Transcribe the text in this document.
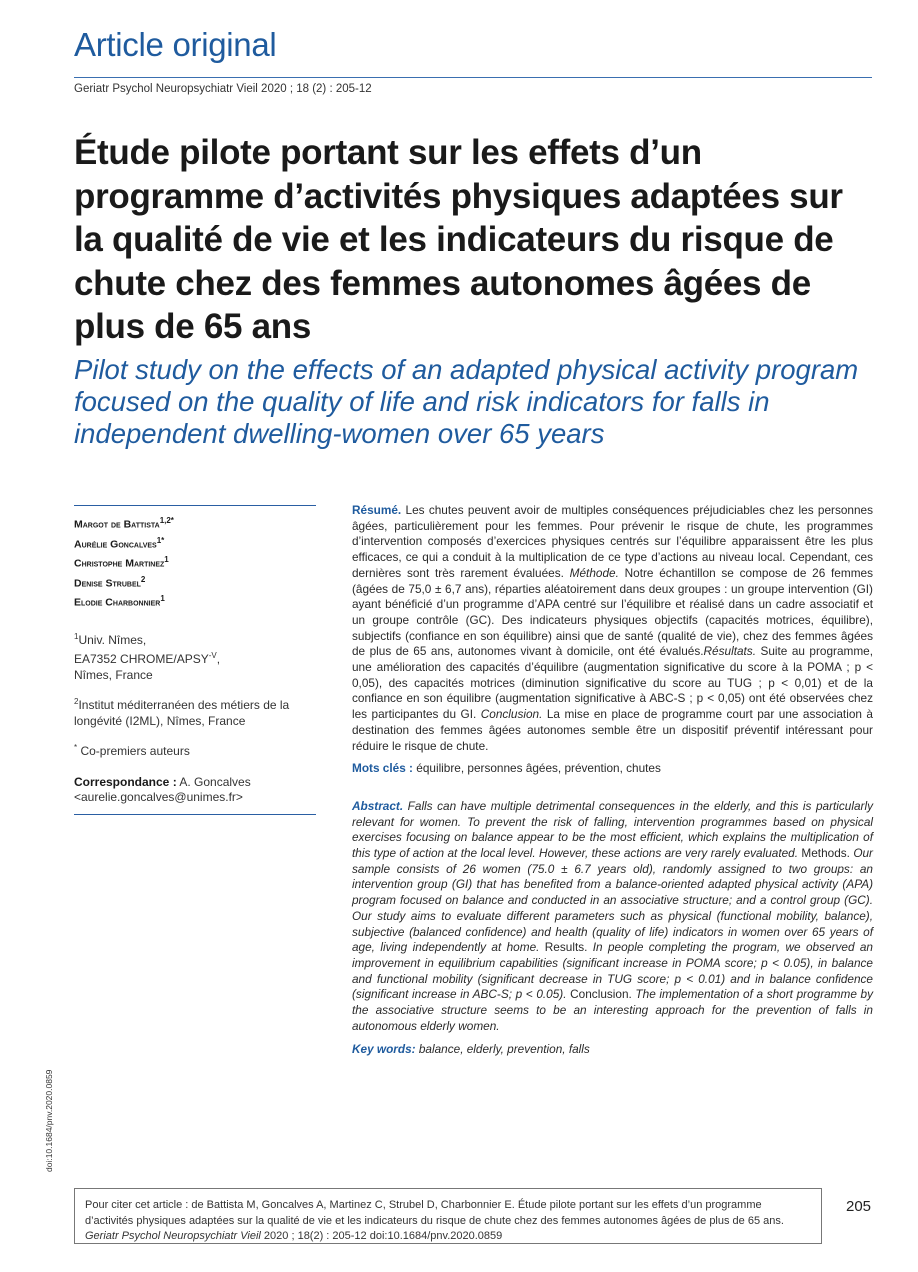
Article original
Geriatr Psychol Neuropsychiatr Vieil 2020 ; 18 (2) : 205-12
Étude pilote portant sur les effets d’un programme d’activités physiques adaptées sur la qualité de vie et les indicateurs du risque de chute chez des femmes autonomes âgées de plus de 65 ans
Pilot study on the effects of an adapted physical activity program focused on the quality of life and risk indicators for falls in independent dwelling-women over 65 years
Margot de Battista$^{1,2*}$
Aurélie Goncalves$^{1*}$
Christophe Martinez$^1$
Denise Strubel$^2$
Elodie Charbonnier$^1$
$^1$Univ. Nîmes,
EA7352 CHROME/$APSY^{-V}$,
Nîmes, France
$^2$Institut méditerranéen des métiers de la longévité (I2ML), Nîmes, France
* Co-premiers auteurs
Correspondance : A. Goncalves
<aurelie.goncalves@unimes.fr>

Résumé. Les chutes peuvent avoir de multiples conséquences préjudiciables chez les personnes âgées, particulièrement pour les femmes. Pour prévenir le risque de chute, les programmes d’intervention composés d’exercices physiques centrés sur l’équilibre apparaissent être les plus efficaces, ce qui a conduit à la multiplication de ce type d’actions au niveau local. Cependant, ces dernières sont très rarement évaluées. Méthode. Notre échantillon se compose de 26 femmes (âgées de 75,0 ± 6,7 ans), réparties aléatoirement dans deux groupes : un groupe intervention (GI) ayant bénéficié d’un programme d’APA centré sur l’équilibre et réalisé dans un cadre associatif et un groupe contrôle (GC). Des indicateurs physiques objectifs (capacités motrices, équilibre), subjectifs (confiance en son équilibre) ainsi que de santé (qualité de vie), chez des femmes âgées de plus de 65 ans, autonomes vivant à domicile, ont été évalués.Résultats. Suite au programme, une amélioration des capacités d’équilibre (augmentation significative du score à la POMA ; p < 0,05), des capacités motrices (diminution significative du score au TUG ; p < 0,01) et de la confiance en son équilibre (augmentation significative à ABC-S ; p < 0,05) ont été observées chez les participantes du GI. Conclusion. La mise en place de programme court par une association à destination des femmes âgées autonomes semble être un dispositif préventif intéressant pour réduire le risque de chute.

Mots clés : équilibre, personnes âgées, prévention, chutes

Abstract. Falls can have multiple detrimental consequences in the elderly, and this is particularly relevant for women. To prevent the risk of falling, intervention programmes based on physical exercises focusing on balance appear to be the most efficient, which explains the multiplication of this type of action at the local level. However, these actions are very rarely evaluated. Methods. Our sample consists of 26 women (75.0 ± 6.7 years old), randomly assigned to two groups: an intervention group (GI) that has benefited from a balance-oriented adapted physical activity (APA) program focused on balance and conducted in an associative structure; and a control group (GC). Our study aims to evaluate different parameters such as physical (functional mobility, balance), subjective (balanced confidence) and health (quality of life) indicators in women over 65 years of age, living independently at home. Results. In people completing the program, we observed an improvement in equilibrium capabilities (significant increase in POMA score; p < 0.05), in balance and functional mobility (significant decrease in TUG score; p < 0.01) and in balance confidence (significant increase in ABC-S; p < 0.05). Conclusion. The implementation of a short programme by the associative structure seems to be an interesting approach for the prevention of falls in autonomous elderly women.

Key words: balance, elderly, prevention, falls

doi:10.1684/pnv.2020.0859
Pour citer cet article : de Battista M, Goncalves A, Martinez C, Strubel D, Charbonnier E. Étude pilote portant sur les effets d’un programme d’activités physiques adaptées sur la qualité de vie et les indicateurs du risque de chute chez des femmes autonomes âgées de plus de 65 ans. Geriatr Psychol Neuropsychiatr Vieil 2020 ; 18(2) : 205-12 doi:10.1684/pnv.2020.0859
205
